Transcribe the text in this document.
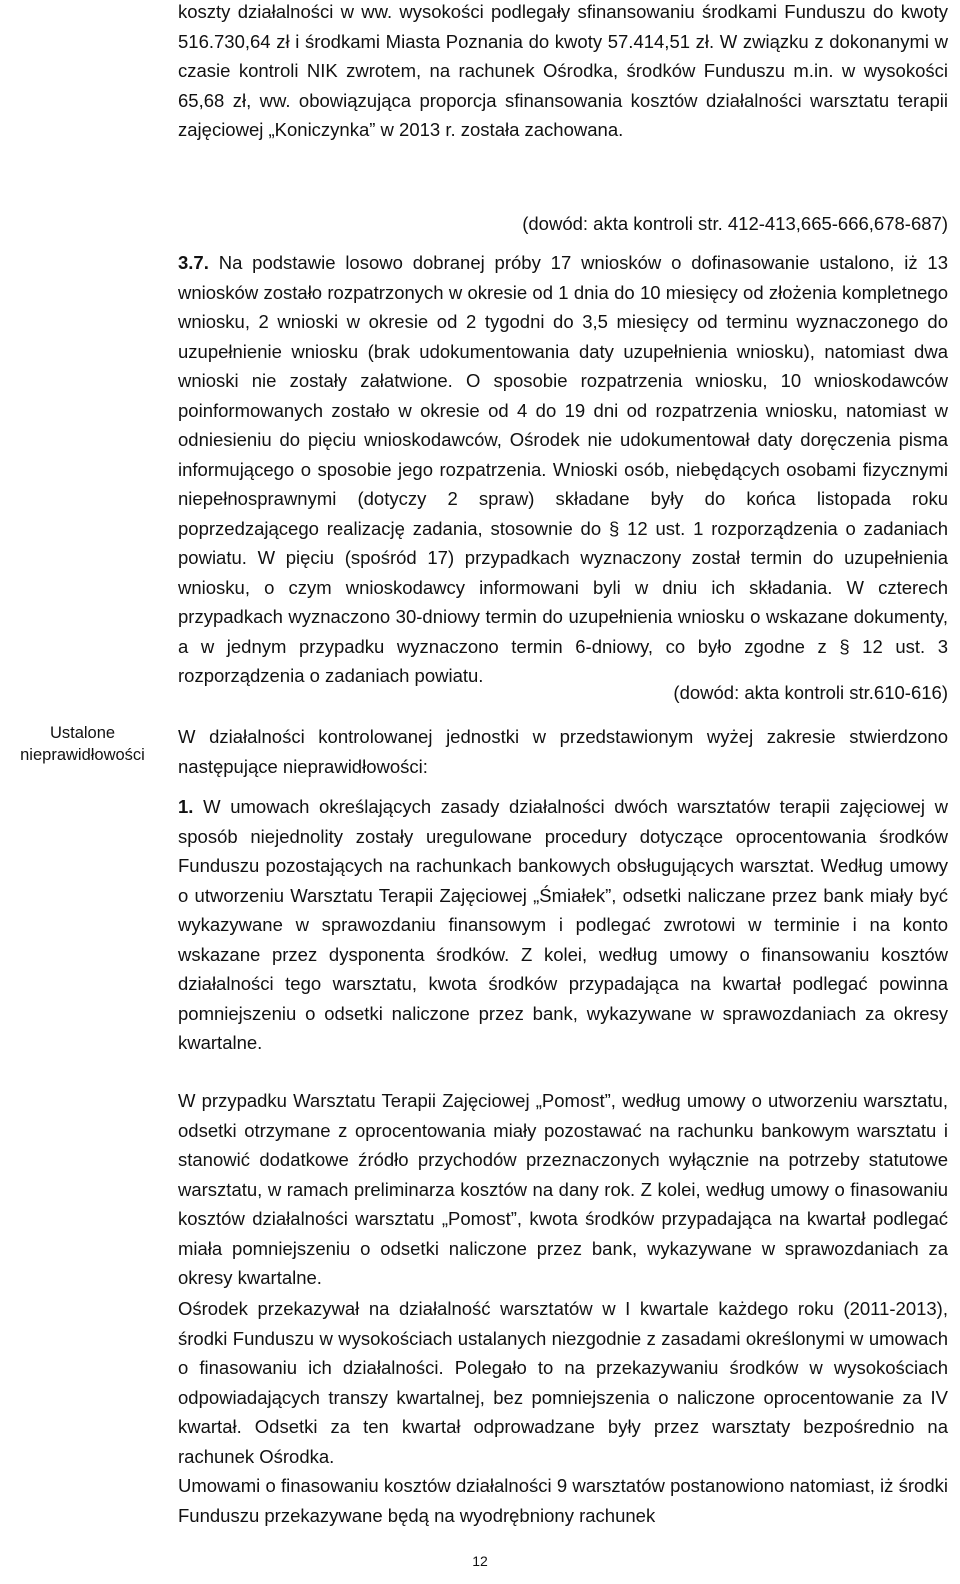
koszty działalności w ww. wysokości podlegały sfinansowaniu środkami Funduszu do kwoty 516.730,64 zł i środkami Miasta Poznania do kwoty 57.414,51 zł. W związku z dokonanymi w czasie kontroli NIK zwrotem, na rachunek Ośrodka, środków Funduszu m.in. w wysokości 65,68 zł, ww. obowiązująca proporcja sfinansowania kosztów działalności warsztatu terapii zajęciowej „Koniczynka” w 2013 r. została zachowana.

(dowód: akta kontroli str. 412-413,665-666,678-687)

3.7. Na podstawie losowo dobranej próby 17 wniosków o dofinasowanie ustalono, iż 13 wniosków zostało rozpatrzonych w okresie od 1 dnia do 10 miesięcy od złożenia kompletnego wniosku, 2 wnioski w okresie od 2 tygodni do 3,5 miesięcy od terminu wyznaczonego do uzupełnienie wniosku (brak udokumentowania daty uzupełnienia wniosku), natomiast dwa wnioski nie zostały załatwione. O sposobie rozpatrzenia wniosku, 10 wnioskodawców poinformowanych zostało w okresie od 4 do 19 dni od rozpatrzenia wniosku, natomiast w odniesieniu do pięciu wnioskodawców, Ośrodek nie udokumentował daty doręczenia pisma informującego o sposobie jego rozpatrzenia. Wnioski osób, niebędących osobami fizycznymi niepełnosprawnymi (dotyczy 2 spraw) składane były do końca listopada roku poprzedzającego realizację zadania, stosownie do § 12 ust. 1 rozporządzenia o zadaniach powiatu. W pięciu (spośród 17) przypadkach wyznaczony został termin do uzupełnienia wniosku, o czym wnioskodawcy informowani byli w dniu ich składania. W czterech przypadkach wyznaczono 30-dniowy termin do uzupełnienia wniosku o wskazane dokumenty, a w jednym przypadku wyznaczono termin 6-dniowy, co było zgodne z § 12 ust. 3 rozporządzenia o zadaniach powiatu.

(dowód: akta kontroli str.610-616)

Ustalone
nieprawidłowości

W działalności kontrolowanej jednostki w przedstawionym wyżej zakresie stwierdzono następujące nieprawidłowości:

1. W umowach określających zasady działalności dwóch warsztatów terapii zajęciowej w sposób niejednolity zostały uregulowane procedury dotyczące oprocentowania środków Funduszu pozostających na rachunkach bankowych obsługujących warsztat. Według umowy o utworzeniu Warsztatu Terapii Zajęciowej „Śmiałek”, odsetki naliczane przez bank miały być wykazywane w sprawozdaniu finansowym i podlegać zwrotowi w terminie i na konto wskazane przez dysponenta środków. Z kolei, według umowy o finansowaniu kosztów działalności tego warsztatu, kwota środków przypadająca na kwartał podlegać powinna pomniejszeniu o odsetki naliczone przez bank, wykazywane w sprawozdaniach za okresy kwartalne.

W przypadku Warsztatu Terapii Zajęciowej „Pomost”, według umowy o utworzeniu warsztatu, odsetki otrzymane z oprocentowania miały pozostawać na rachunku bankowym warsztatu i stanowić dodatkowe źródło przychodów przeznaczonych wyłącznie na potrzeby statutowe warsztatu, w ramach preliminarza kosztów na dany rok. Z kolei, według umowy o finasowaniu kosztów działalności warsztatu „Pomost”, kwota środków przypadająca na kwartał podlegać miała pomniejszeniu o odsetki naliczone przez bank, wykazywane w sprawozdaniach za okresy kwartalne.

Ośrodek przekazywał na działalność warsztatów w I kwartale każdego roku (2011-2013), środki Funduszu w wysokościach ustalanych niezgodnie z zasadami określonymi w umowach o finasowaniu ich działalności. Polegało to na przekazywaniu środków w wysokościach odpowiadających transzy kwartalnej, bez pomniejszenia o naliczone oprocentowanie za IV kwartał. Odsetki za ten kwartał odprowadzane były przez warsztaty bezpośrednio na rachunek Ośrodka.

Umowami o finasowaniu kosztów działalności 9 warsztatów postanowiono natomiast, iż środki Funduszu przekazywane będą na wyodrębniony rachunek

12
